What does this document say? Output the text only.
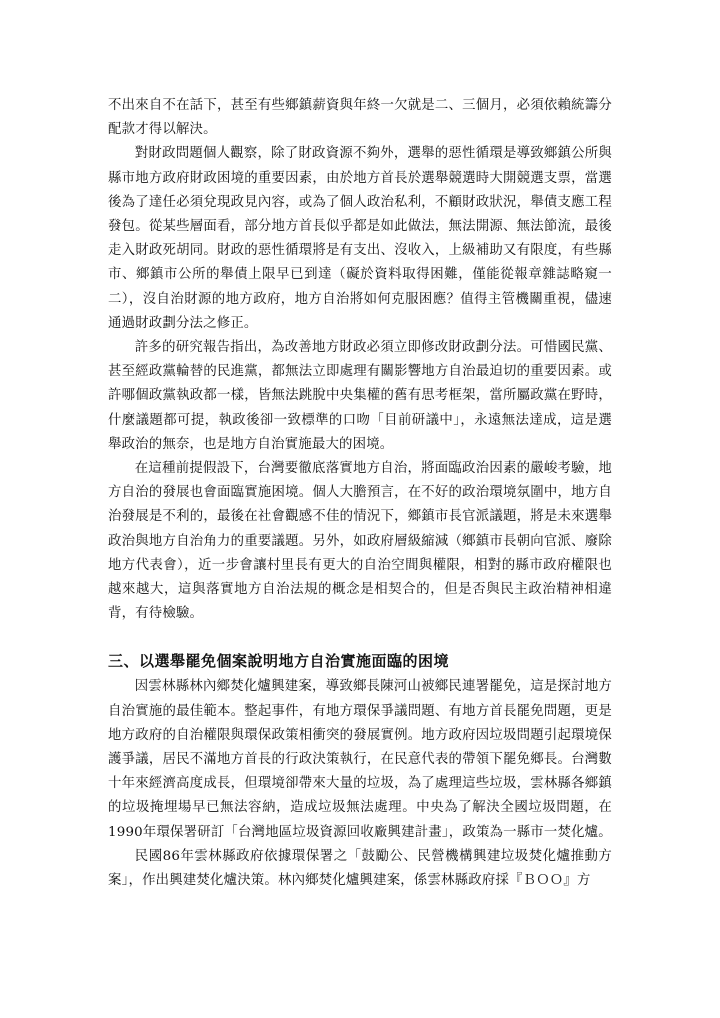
不出來自不在話下，甚至有些鄉鎮薪資與年終一欠就是二、三個月，必須依賴統籌分配款才得以解決。

對財政問題個人觀察，除了財政資源不夠外，選舉的惡性循環是導致鄉鎮公所與縣市地方政府財政困境的重要因素，由於地方首長於選舉競選時大開競選支票，當選後為了達任必須兌現政見內容，或為了個人政治私利，不顧財政狀況，舉債支應工程發包。從某些層面看，部分地方首長似乎都是如此做法，無法開源、無法節流，最後走入財政死胡同。財政的惡性循環將是有支出、沒收入，上級補助又有限度，有些縣市、鄉鎮市公所的舉債上限早已到達（礙於資料取得困難，僅能從報章雜誌略窺一二），沒自治財源的地方政府，地方自治將如何克服困應？值得主管機關重視，儘速通過財政劃分法之修正。

許多的研究報告指出，為改善地方財政必須立即修改財政劃分法。可惜國民黨、甚至經政黨輪替的民進黨，都無法立即處理有關影響地方自治最迫切的重要因素。或許哪個政黨執政都一樣，皆無法跳脫中央集權的舊有思考框架，當所屬政黨在野時，什麼議題都可提，執政後卻一致標準的口吻「目前研議中」，永遠無法達成，這是選舉政治的無奈，也是地方自治實施最大的困境。

在這種前提假設下，台灣要徹底落實地方自治，將面臨政治因素的嚴峻考驗，地方自治的發展也會面臨實施困境。個人大膽預言，在不好的政治環境氛圍中，地方自治發展是不利的，最後在社會觀感不佳的情況下，鄉鎮市長官派議題，將是未來選舉政治與地方自治角力的重要議題。另外，如政府層級縮減（鄉鎮市長朝向官派、廢除地方代表會），近一步會讓村里長有更大的自治空間與權限，相對的縣市政府權限也越來越大，這與落實地方自治法規的概念是相契合的，但是否與民主政治精神相違背，有待檢驗。

三、以選舉罷免個案說明地方自治實施面臨的困境

因雲林縣林內鄉焚化爐興建案，導致鄉長陳河山被鄉民連署罷免，這是探討地方自治實施的最佳範本。整起事件，有地方環保爭議問題、有地方首長罷免問題，更是地方政府的自治權限與環保政策相衝突的發展實例。地方政府因垃圾問題引起環境保護爭議，居民不滿地方首長的行政決策執行，在民意代表的帶領下罷免鄉長。台灣數十年來經濟高度成長，但環境卻帶來大量的垃圾，為了處理這些垃圾，雲林縣各鄉鎮的垃圾掩埋場早已無法容納，造成垃圾無法處理。中央為了解決全國垃圾問題，在1990年環保署研訂「台灣地區垃圾資源回收廠興建計畫」，政策為一縣市一焚化爐。

民國86年雲林縣政府依據環保署之「鼓勵公、民營機構興建垃圾焚化爐推動方案」，作出興建焚化爐決策。林內鄉焚化爐興建案，係雲林縣政府採『ＢＯＯ』方
